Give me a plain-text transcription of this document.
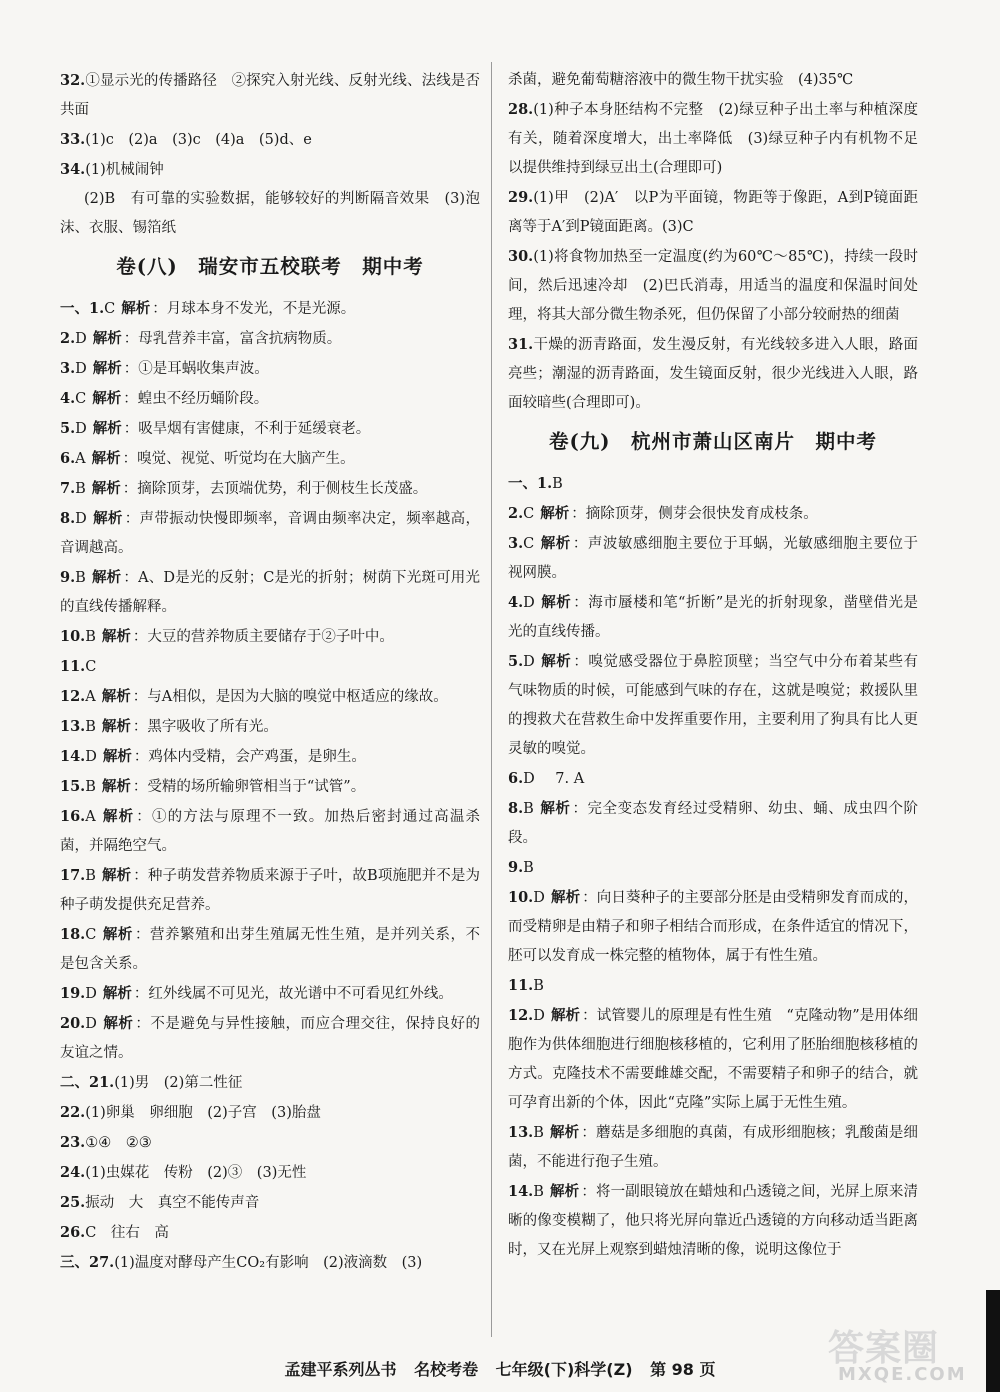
32.①显示光的传播路径　②探究入射光线、反射光线、法线是否共面

33.(1)c　(2)a　(3)c　(4)a　(5)d、e

34.(1)机械闹钟

(2)B　有可靠的实验数据，能够较好的判断隔音效果　(3)泡沫、衣服、锡箔纸

卷(八)　瑞安市五校联考　期中考

一、1.C 解析 ：月球本身不发光，不是光源。

2.D 解析 ：母乳营养丰富，富含抗病物质。

3.D 解析 ：①是耳蜗收集声波。

4.C 解析 ：蝗虫不经历蛹阶段。

5.D 解析 ：吸旱烟有害健康，不利于延缓衰老。

6.A 解析 ：嗅觉、视觉、听觉均在大脑产生。

7.B 解析 ：摘除顶芽，去顶端优势，利于侧枝生长茂盛。

8.D 解析 ：声带振动快慢即频率，音调由频率决定，频率越高，音调越高。

9.B 解析 ：A、D是光的反射；C是光的折射；树荫下光斑可用光的直线传播解释。

10.B 解析 ：大豆的营养物质主要储存于②子叶中。

11.C

12.A 解析 ：与A相似，是因为大脑的嗅觉中枢适应的缘故。

13.B 解析 ：黑字吸收了所有光。

14.D 解析 ：鸡体内受精，会产鸡蛋，是卵生。

15.B 解析 ：受精的场所输卵管相当于“试管”。

16.A 解析 ：①的方法与原理不一致。加热后密封通过高温杀菌，并隔绝空气。

17.B 解析 ：种子萌发营养物质来源于子叶，故B项施肥并不是为种子萌发提供充足营养。

18.C 解析 ：营养繁殖和出芽生殖属无性生殖，是并列关系，不是包含关系。

19.D 解析 ：红外线属不可见光，故光谱中不可看见红外线。

20.D 解析 ：不是避免与异性接触，而应合理交往，保持良好的友谊之情。

二、21.(1)男　(2)第二性征

22.(1)卵巢　卵细胞　(2)子宫　(3)胎盘

23.①④　②③

24.(1)虫媒花　传粉　(2)③　(3)无性

25.振动　大　真空不能传声音

26.C　往右　高

三、27.(1)温度对酵母产生CO₂有影响　(2)液滴数　(3)

杀菌，避免葡萄糖溶液中的微生物干扰实验　(4)35℃

28.(1)种子本身胚结构不完整　(2)绿豆种子出土率与种植深度有关，随着深度增大，出土率降低　(3)绿豆种子内有机物不足以提供维持到绿豆出土(合理即可)

29.(1)甲　(2)A′　以P为平面镜，物距等于像距，A到P镜面距离等于A′到P镜面距离。(3)C

30.(1)将食物加热至一定温度(约为60℃～85℃)，持续一段时间，然后迅速冷却　(2)巴氏消毒，用适当的温度和保温时间处理，将其大部分微生物杀死，但仍保留了小部分较耐热的细菌

31.干燥的沥青路面，发生漫反射，有光线较多进入人眼，路面亮些；潮湿的沥青路面，发生镜面反射，很少光线进入人眼，路面较暗些(合理即可)。

卷(九)　杭州市萧山区南片　期中考

一、1.B

2.C 解析 ：摘除顶芽，侧芽会很快发育成枝条。

3.C 解析 ：声波敏感细胞主要位于耳蜗，光敏感细胞主要位于视网膜。

4.D 解析 ：海市蜃楼和笔“折断”是光的折射现象，凿壁借光是光的直线传播。

5.D 解析 ：嗅觉感受器位于鼻腔顶壁；当空气中分布着某些有气味物质的时候，可能感到气味的存在，这就是嗅觉；救援队里的搜救犬在营救生命中发挥重要作用，主要利用了狗具有比人更灵敏的嗅觉。

6.D　7. A

8.B 解析 ：完全变态发育经过受精卵、幼虫、蛹、成虫四个阶段。

9.B

10.D 解析 ：向日葵种子的主要部分胚是由受精卵发育而成的，而受精卵是由精子和卵子相结合而形成，在条件适宜的情况下，胚可以发育成一株完整的植物体，属于有性生殖。

11.B

12.D 解析 ：试管婴儿的原理是有性生殖　“克隆动物”是用体细胞作为供体细胞进行细胞核移植的，它利用了胚胎细胞核移植的方式。克隆技术不需要雌雄交配，不需要精子和卵子的结合，就可孕育出新的个体，因此“克隆”实际上属于无性生殖。

13.B 解析 ：蘑菇是多细胞的真菌，有成形细胞核；乳酸菌是细菌，不能进行孢子生殖。

14.B 解析 ：将一副眼镜放在蜡烛和凸透镜之间，光屏上原来清晰的像变模糊了，他只将光屏向靠近凸透镜的方向移动适当距离时，又在光屏上观察到蜡烛清晰的像，说明这像位于

孟建平系列丛书 名校考卷 七年级(下)科学(Z) 第 98 页
答案圈
MXQE.COM
